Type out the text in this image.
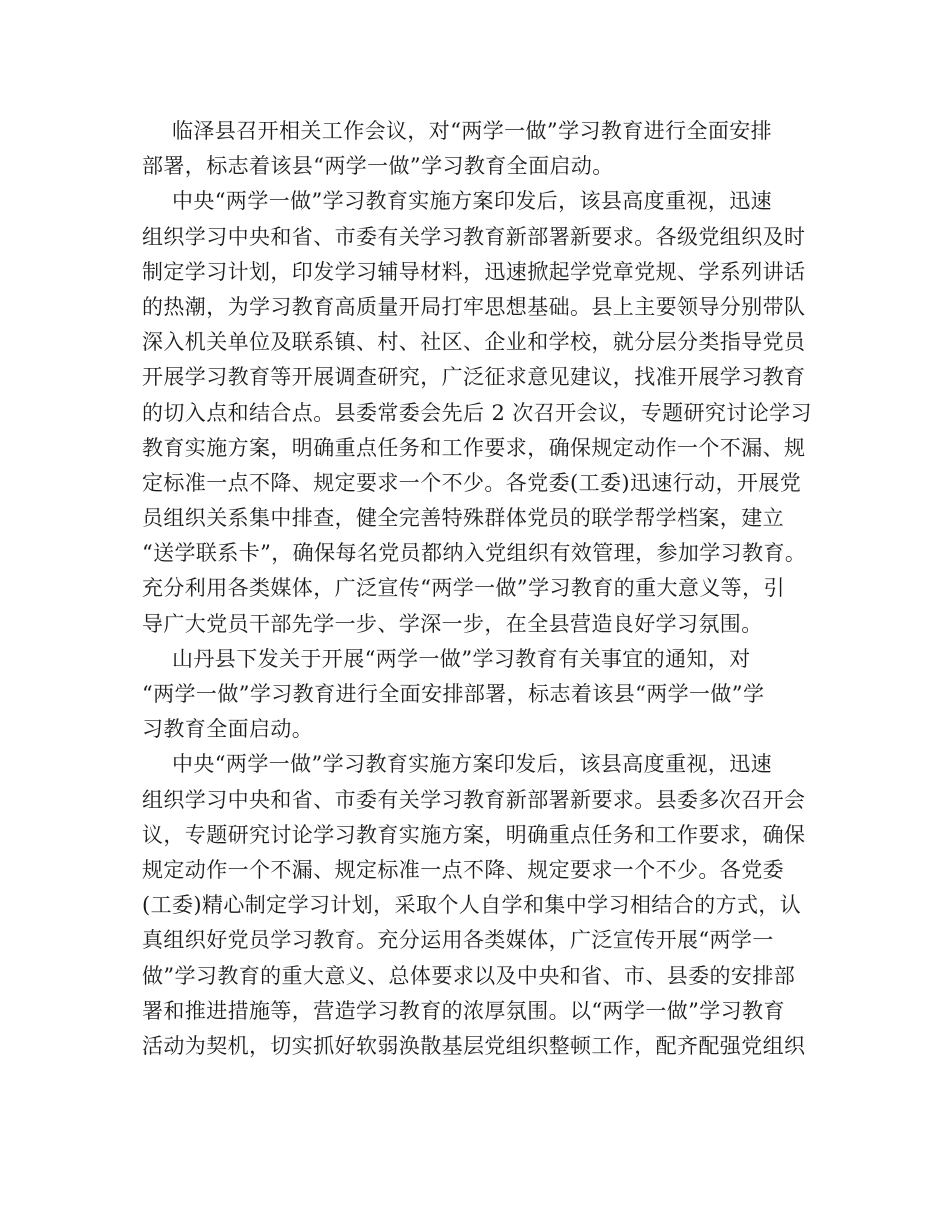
临泽县召开相关工作会议，对“两学一做”学习教育进行全面安排
部署，标志着该县“两学一做”学习教育全面启动。
中央“两学一做”学习教育实施方案印发后，该县高度重视，迅速
组织学习中央和省、市委有关学习教育新部署新要求。各级党组织及时
制定学习计划，印发学习辅导材料，迅速掀起学党章党规、学系列讲话
的热潮，为学习教育高质量开局打牢思想基础。县上主要领导分别带队
深入机关单位及联系镇、村、社区、企业和学校，就分层分类指导党员
开展学习教育等开展调查研究，广泛征求意见建议，找准开展学习教育
的切入点和结合点。县委常委会先后 2 次召开会议，专题研究讨论学习
教育实施方案，明确重点任务和工作要求，确保规定动作一个不漏、规
定标准一点不降、规定要求一个不少。各党委(工委)迅速行动，开展党
员组织关系集中排查，健全完善特殊群体党员的联学帮学档案，建立
“送学联系卡”，确保每名党员都纳入党组织有效管理，参加学习教育。
充分利用各类媒体，广泛宣传“两学一做”学习教育的重大意义等，引
导广大党员干部先学一步、学深一步，在全县营造良好学习氛围。
山丹县下发关于开展“两学一做”学习教育有关事宜的通知，对
“两学一做”学习教育进行全面安排部署，标志着该县“两学一做”学
习教育全面启动。
中央“两学一做”学习教育实施方案印发后，该县高度重视，迅速
组织学习中央和省、市委有关学习教育新部署新要求。县委多次召开会
议，专题研究讨论学习教育实施方案，明确重点任务和工作要求，确保
规定动作一个不漏、规定标准一点不降、规定要求一个不少。各党委
(工委)精心制定学习计划，采取个人自学和集中学习相结合的方式，认
真组织好党员学习教育。充分运用各类媒体，广泛宣传开展“两学一
做”学习教育的重大意义、总体要求以及中央和省、市、县委的安排部
署和推进措施等，营造学习教育的浓厚氛围。以“两学一做”学习教育
活动为契机，切实抓好软弱涣散基层党组织整顿工作，配齐配强党组织
